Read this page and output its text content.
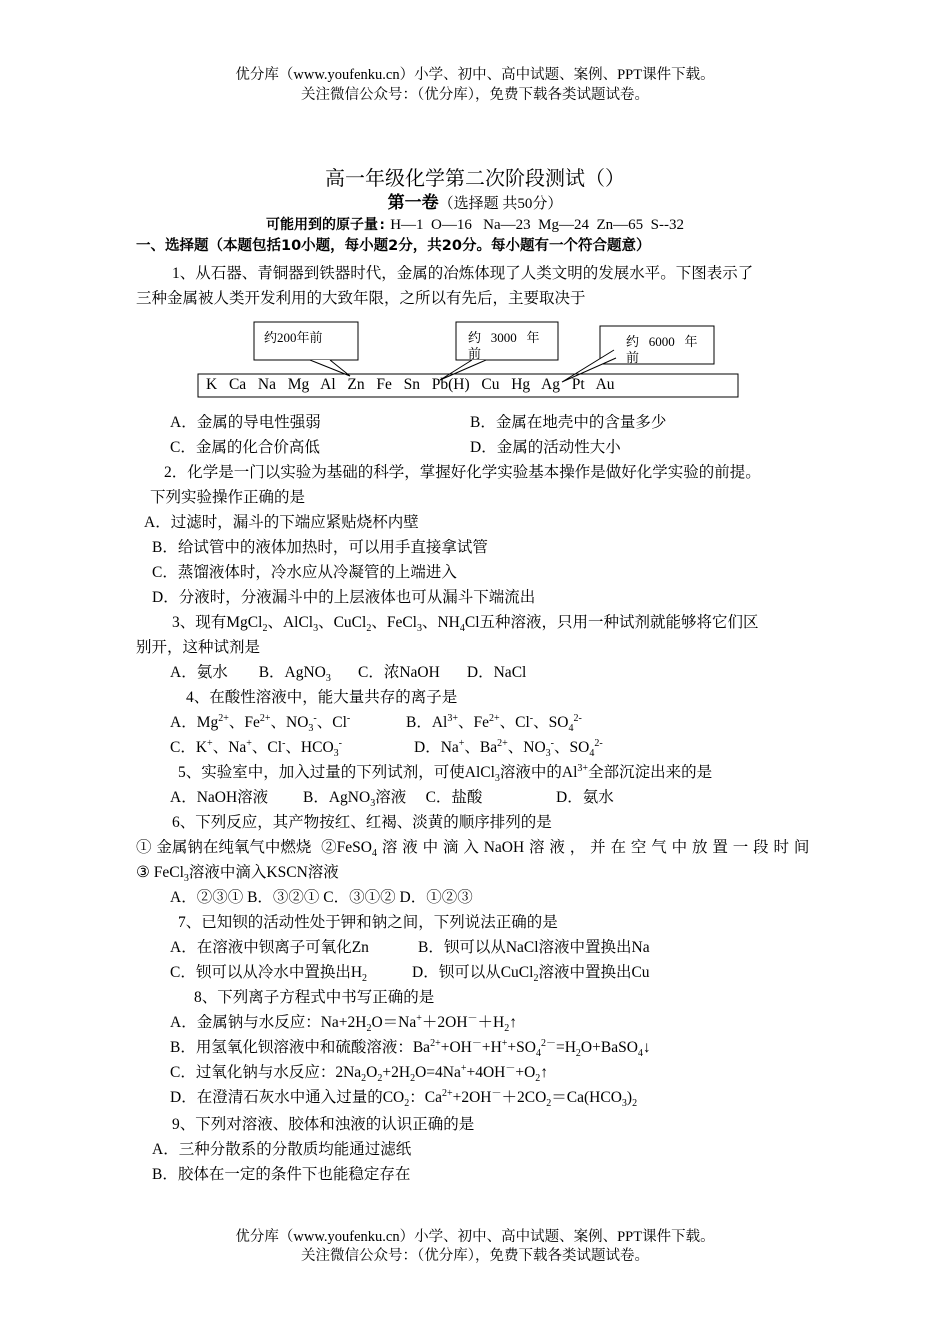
优分库（www.youfenku.cn）小学、初中、高中试题、案例、PPT课件下载。
关注微信公众号：（优分库），免费下载各类试题试卷。
高一年级化学第二次阶段测试（）
第一卷（选择题 共50分）
可能用到的原子量: H—1  O—16   Na—23  Mg—24  Zn—65  S--32
一、选择题（本题包括10小题，每小题2分，共20分。每小题有一个符合题意）
1、从石器、青铜器到铁器时代，金属的冶炼体现了人类文明的发展水平。下图表示了
三种金属被人类开发利用的大致年限，之所以有先后，主要取决于
约200年前	约   3000   年
前
约   6000   年
前
K  Ca  Na  Mg  Al  Zn  Fe  Sn  Pb(H)  Cu  Hg  Ag  Pt  Au
A．金属的导电性强弱	B．金属在地壳中的含量多少
C．金属的化合价高低	D．金属的活动性大小
2．化学是一门以实验为基础的科学，掌握好化学实验基本操作是做好化学实验的前提。
下列实验操作正确的是
A．过滤时，漏斗的下端应紧贴烧杯内壁
B．给试管中的液体加热时，可以用手直接拿试管
C．蒸馏液体时，冷水应从冷凝管的上端进入
D．分液时，分液漏斗中的上层液体也可从漏斗下端流出
3、现有MgCl$_2$、AlCl$_3$、CuCl$_2$、FeCl$_3$、$NH_4Cl$五种溶液，只用一种试剂就能够将它们区
别开，这种试剂是
A．氨水        B．AgNO$_3$       C．浓NaOH       D．NaCl
4、在酸性溶液中，能大量共存的离子是
A．$Mg^{2+}$、$Fe^{2+}$、$NO_3^-$、Cl-	B．$Al^{3+}$、$Fe^{2+}$、Cl-、$SO_4^{2-}$
C．K+、Na+、Cl-、$HCO_3^-$	D．Na+、$Ba^{2+}$、$NO_3^-$、$SO_4^{2-}$
5、实验室中，加入过量的下列试剂，可使AlCl$_3$溶液中的$Al^{3+}$全部沉淀出来的是
A．NaOH溶液         B．AgNO$_3$溶液     C．盐酸                   D．氨水
6、下列反应，其产物按红、红褐、淡黄的顺序排列的是
① 金属钠在纯氧气中燃烧  ②FeSO$_4$ 溶 液 中 滴 入 NaOH 溶 液 ， 并 在 空 气 中 放 置 一 段 时 间
③ FeCl$_3$溶液中滴入KSCN溶液
A．②③① B．③②① C．③①② D．①②③
7、已知钡的活动性处于钾和钠之间，下列说法正确的是
A．在溶液中钡离子可氧化Zn	B．钡可以从NaCl溶液中置换出Na
C．钡可以从冷水中置换出$H_2$	D．钡可以从CuCl$_2$溶液中置换出Cu
8、下列离子方程式中书写正确的是
A．金属钠与水反应：$Na+2H_2O=Na^++2OH^-+H_2↑$
B．用氢氧化钡溶液中和硫酸溶液：$Ba^{2+}+OH^-+H^++SO_4^{2-}=H_2O+BaSO_4↓$
C．过氧化钠与水反应：$2Na_2O_2+2H_2O=4Na^++4OH^-+O_2↑$
D．在澄清石灰水中通入过量的$CO_2$：$Ca^{2+}+2OH^-+2CO_2=Ca(HCO_3)_2$
9、下列对溶液、胶体和浊液的认识正确的是
A．三种分散系的分散质均能通过滤纸
B．胶体在一定的条件下也能稳定存在
优分库（www.youfenku.cn）小学、初中、高中试题、案例、PPT课件下载。
关注微信公众号：（优分库），免费下载各类试题试卷。
